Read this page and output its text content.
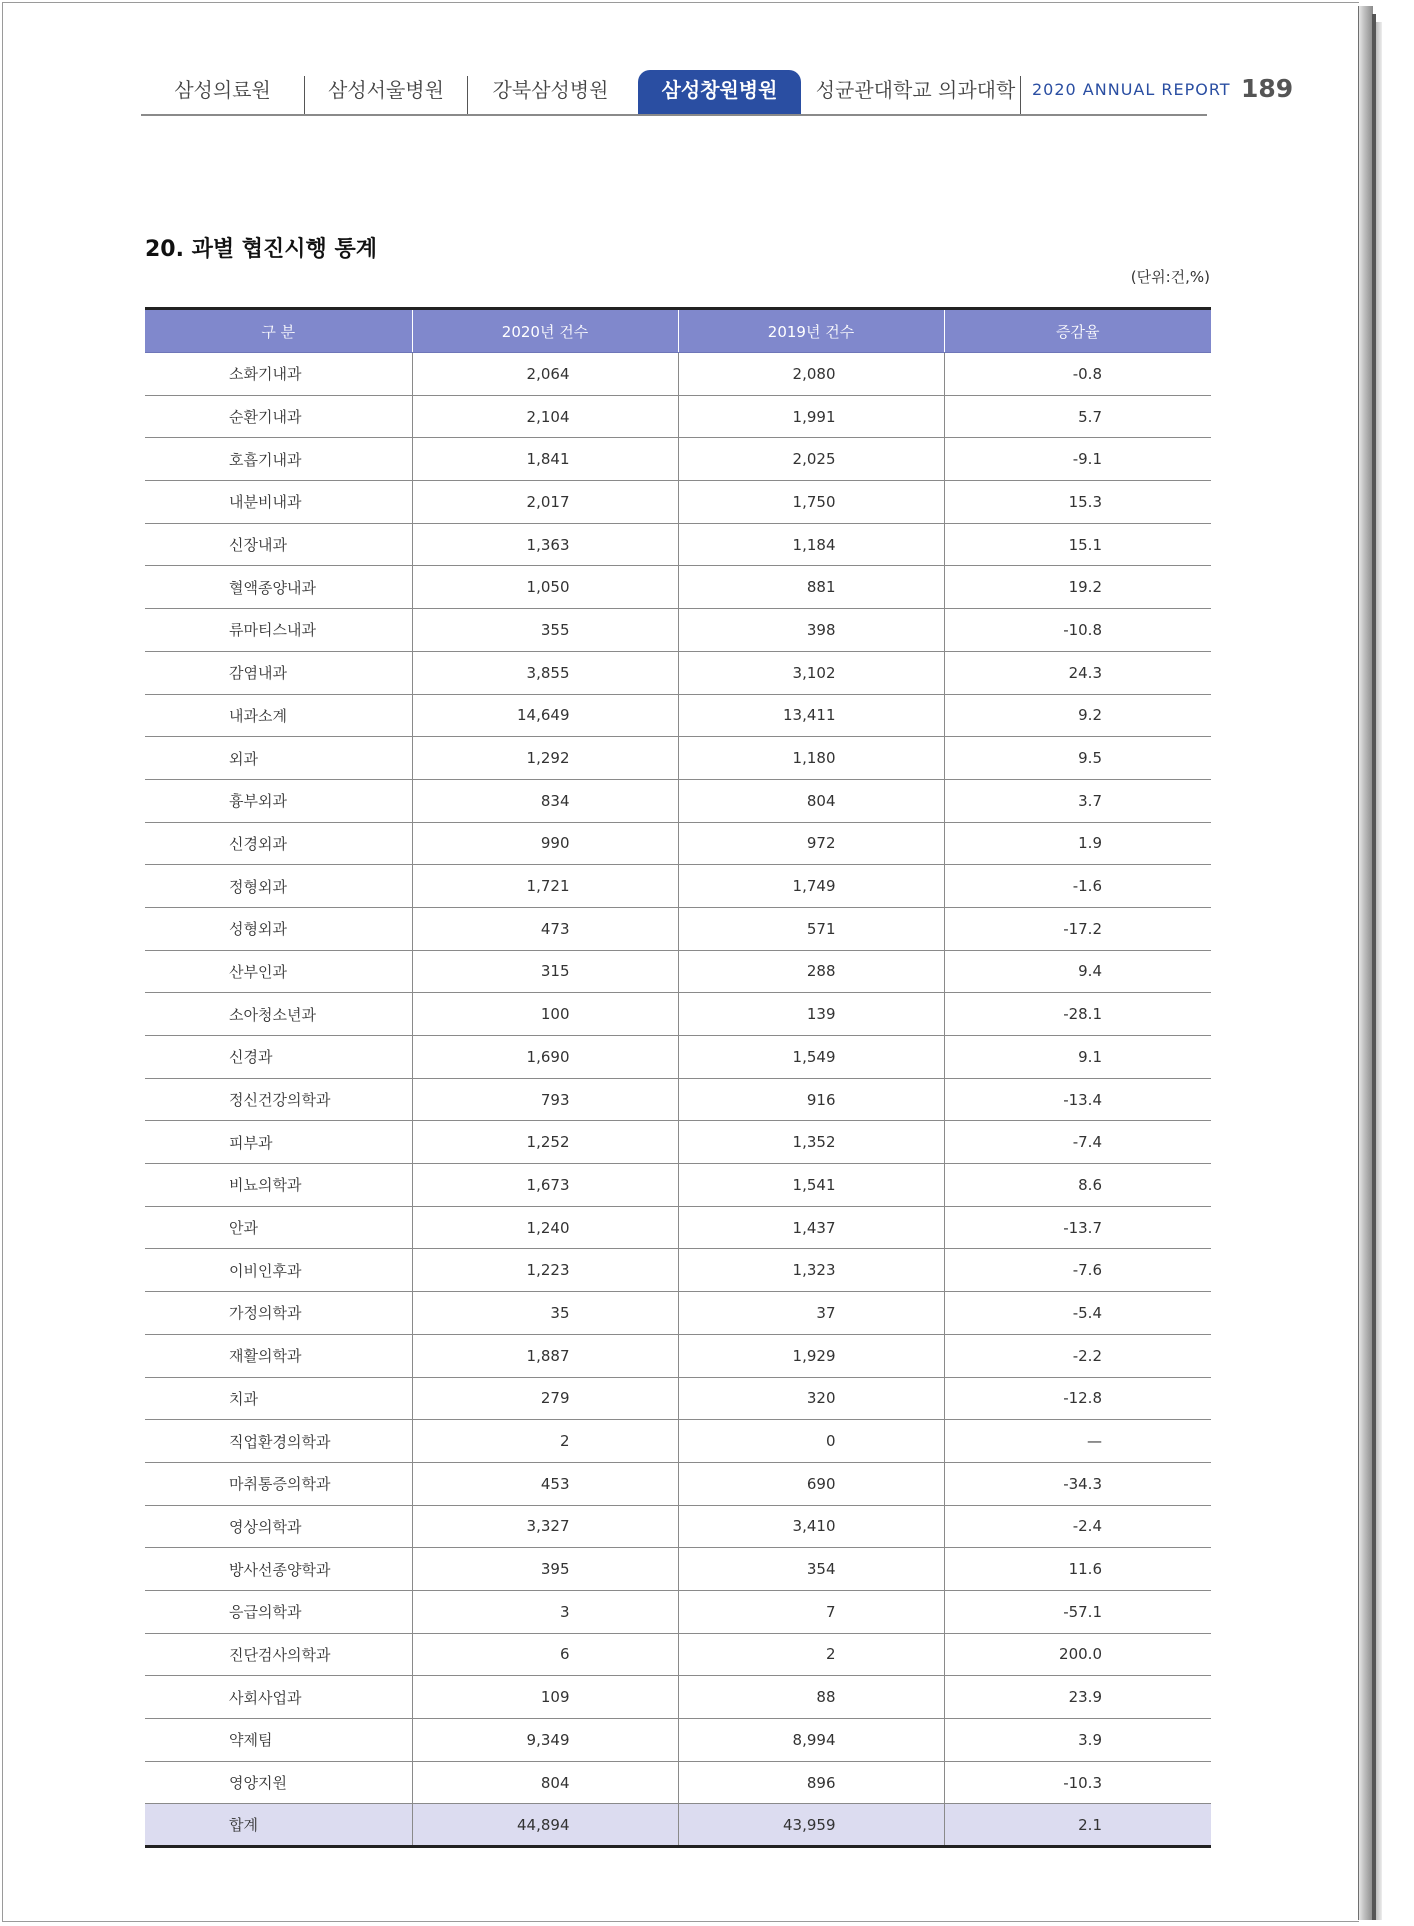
삼성의료원	삼성서울병원	강북삼성병원	삼성창원병원	성균관대학교 의과대학 2020 ANNUAL REPORT 189
20. 과별 협진시행 통계
(단위:건,%)
구 분	2020년 건수	2019년 건수	증감율
소화기내과	2,064	2,080	-0.8
순환기내과	2,104	1,991	5.7
호흡기내과	1,841	2,025	-9.1
내분비내과	2,017	1,750	15.3
신장내과	1,363	1,184	15.1
혈액종양내과	1,050	881	19.2
류마티스내과	355	398	-10.8
감염내과	3,855	3,102	24.3
내과소계	14,649	13,411	9.2
외과	1,292	1,180	9.5
흉부외과	834	804	3.7
신경외과	990	972	1.9
정형외과	1,721	1,749	-1.6
성형외과	473	571	-17.2
산부인과	315	288	9.4
소아청소년과	100	139	-28.1
신경과	1,690	1,549	9.1
정신건강의학과	793	916	-13.4
피부과	1,252	1,352	-7.4
비뇨의학과	1,673	1,541	8.6
안과	1,240	1,437	-13.7
이비인후과	1,223	1,323	-7.6
가정의학과	35	37	-5.4
재활의학과	1,887	1,929	-2.2
치과	279	320	-12.8
직업환경의학과	2	0	—
마취통증의학과	453	690	-34.3
영상의학과	3,327	3,410	-2.4
방사선종양학과	395	354	11.6
응급의학과	3	7	-57.1
진단검사의학과	6	2	200.0
사회사업과	109	88	23.9
약제팀	9,349	8,994	3.9
영양지원	804	896	-10.3
합계	44,894	43,959	2.1
